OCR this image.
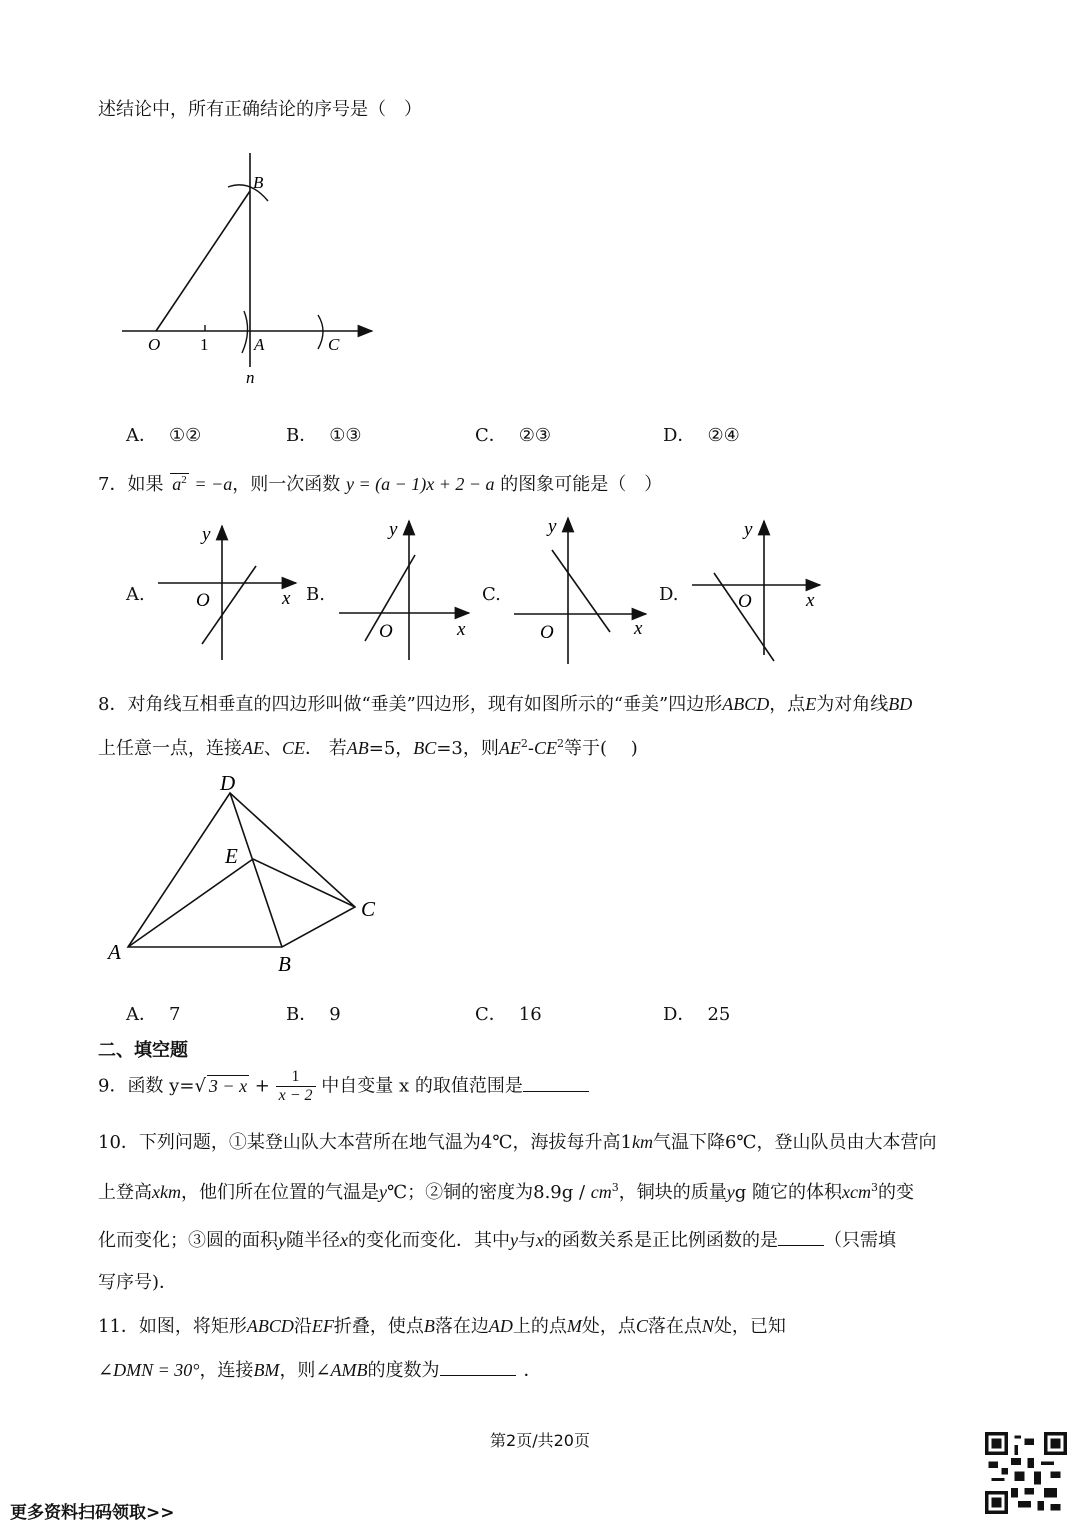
述结论中，所有正确结论的序号是（　）
B
O 1	A	C
n
A． ①②	B． ①③	C． ②③	D． ②④
7．如果 $a^2 = -a$，则一次函数 y = (a − 1)x + 2 − a 的图象可能是（　）
A.
y
x
O	B.
y
x
O
C.
y
x
O
D.
y
x
O
8．对角线互相垂直的四边形叫做“垂美”四边形，现有如图所示的“垂美”四边形ABCD，点E为对角线BD
上任意一点，连接AE、CE． 若AB=5，BC=3，则$AE^2-CE^2$等于(　 )
D
E
C
A	B
A． 7	B． 9	C． 16	D． 25
二、填空题
9．函数 y=√ $3 - x + \frac{1}{x - 2}$ 中自变量 x 的取值范围是
10．下列问题，①某登山队大本营所在地气温为4℃，海拔每升高1km气温下降6℃，登山队员由大本营向
上登高xkm，他们所在位置的气温是y℃；②铜的密度为$8.9g / cm^3$，铜块的质量yg 随它的体积xcm$^3$的变
化而变化；③圆的面积y随半径x的变化而变化．其中y与x的函数关系是正比例函数的是	（只需填
写序号)．
11．如图，将矩形ABCD沿EF折叠，使点B落在边AD上的点M处，点C落在点N处，已知
∠DMN = 30°，连接BM，则∠AMB的度数为	．
第2页/共20页
更多资料扫码领取>>
